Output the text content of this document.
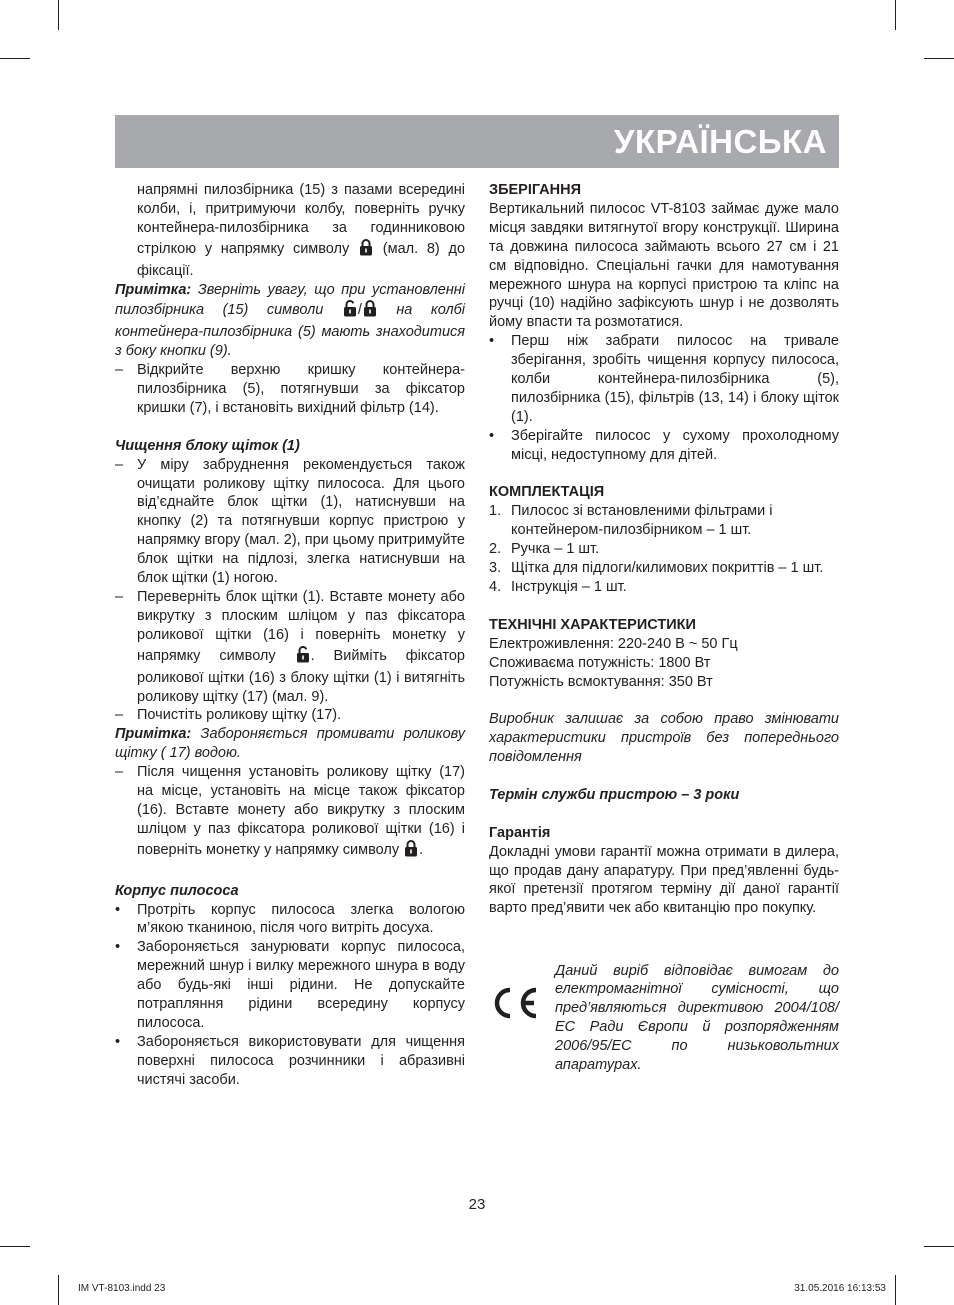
УКРАЇНСЬКА

напрямні пилозбірника (15) з пазами всередині колби, і, притримуючи колбу, поверніть ручку контейнера-пилозбірника за годинниковою стрілкою у напрямку символу (мал. 8) до фіксації.

Примітка: Зверніть увагу, що при установленні пилозбірника (15) символи / на колбі контейнера-пилозбірника (5) мають знаходитися з боку кнопки (9).

– Відкрийте верхню кришку контейнера-пилозбірника (5), потягнувши за фіксатор кришки (7), і встановіть вихідний фільтр (14).

Чищення блоку щіток (1)

– У міру забруднення рекомендується також очищати роликову щітку пилососа. Для цього від’єднайте блок щітки (1), натиснувши на кнопку (2) та потягнувши корпус пристрою у напрямку вгору (мал. 2), при цьому притримуйте блок щітки на підлозі, злегка натиснувши на блок щітки (1) ногою.
– Переверніть блок щітки (1). Вставте монету або викрутку з плоским шліцом у паз фіксатора роликової щітки (16) і поверніть монетку у напрямку символу . Вийміть фіксатор роликової щітки (16) з блоку щітки (1) і витягніть роликову щітку (17) (мал. 9).
– Почистіть роликову щітку (17).

Примітка: Забороняється промивати роликову щітку ( 17) водою.

– Після чищення установіть роликову щітку (17) на місце, установіть на місце також фіксатор (16). Вставте монету або викрутку з плоским шліцом у паз фіксатора роликової щітки (16) і поверніть монетку у напрямку символу .

Корпус пилососа

• Протріть корпус пилососа злегка вологою м’якою тканиною, після чого витріть досуха.
• Забороняється занурювати корпус пилососа, мережний шнур і вилку мережного шнура в воду або будь-які інші рідини. Не допускайте потрапляння рідини всередину корпусу пилососа.
• Забороняється використовувати для чищення поверхні пилососа розчинники і абразивні чистячі засоби.

ЗБЕРІГАННЯ

Вертикальний пилосос VT-8103 займає дуже мало місця завдяки витягнутої вгору конструкції. Ширина та довжина пилососа займають всього 27 см і 21 см відповідно. Спеціальні гачки для намотування мережного шнура на корпусі пристрою та кліпс на ручці (10) надійно зафіксують шнур і не дозволять йому впасти та розмотатися.

• Перш ніж забрати пилосос на тривале зберігання, зробіть чищення корпусу пилососа, колби контейнера-пилозбірника (5), пилозбірника (15), фільтрів (13, 14) і блоку щіток (1).
• Зберігайте пилосос у сухому прохолодному місці, недоступному для дітей.

КОМПЛЕКТАЦІЯ

1. Пилосос зі встановленими фільтрами і контейнером-пилозбірником – 1 шт.
2. Ручка – 1 шт.
3. Щітка для підлоги/килимових покриттів – 1 шт.
4. Інструкція – 1 шт.

ТЕХНІЧНІ ХАРАКТЕРИСТИКИ

Електроживлення: 220-240 В ~ 50 Гц

Споживаєма потужність: 1800 Вт

Потужність всмоктування: 350 Вт

Виробник залишає за собою право змінювати характеристики пристроїв без попереднього повідомлення

Термін служби пристрою – 3 роки

Гарантія

Докладні умови гарантії можна отримати в дилера, що продав дану апаратуру. При пред’явленні будь-якої претензії протягом терміну дії даної гарантії варто пред’явити чек або квитанцію про покупку.

Даний виріб відповідає вимогам до електромагнітної сумісності, що пред’являються директивою 2004/108/ ЕС Ради Європи й розпорядженням 2006/95/ЕС по низьковольтних апаратурах.

23
IM VT-8103.indd 23	31.05.2016 16:13:53
